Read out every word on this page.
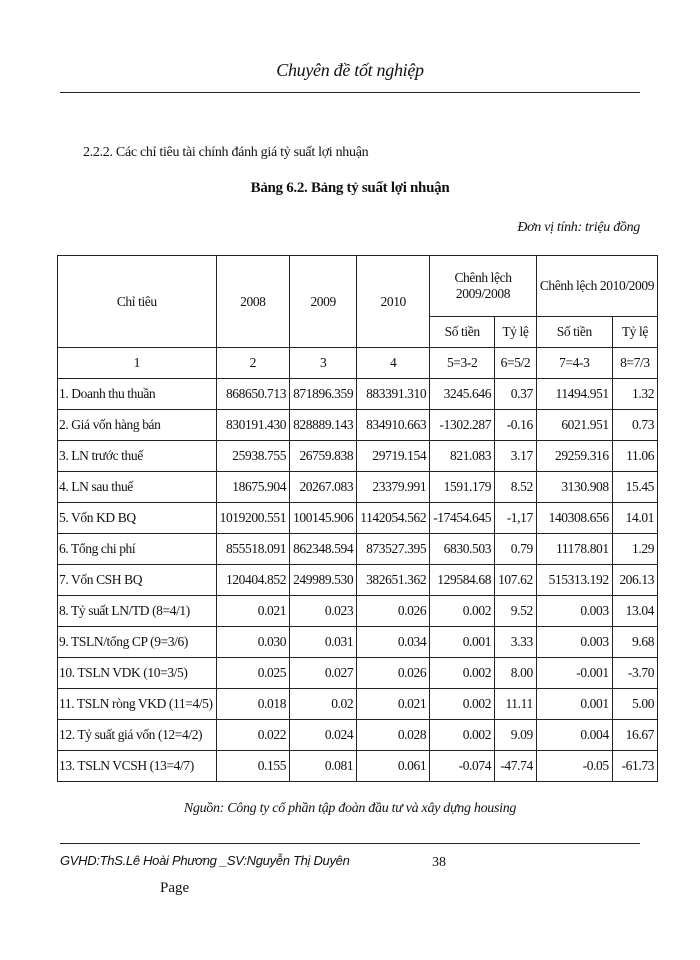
Chuyên đề tốt nghiệp
2.2.2. Các chỉ tiêu tài chính đánh giá tỷ suất lợi nhuận
Bảng 6.2. Bảng tỷ suất lợi nhuận
Đơn vị tính: triệu đồng
Chỉ tiêu	2008	2009	2010	Chênh lệch 2009/2008		Chênh lệch 2010/2009	
				Số tiền	Tỷ lệ	Số tiền	Tỷ lệ
1	2	3	4	5=3-2	6=5/2	7=4-3	8=7/3
1. Doanh thu thuần	868650.713	871896.359	883391.310	3245.646	0.37	11494.951	1.32
2. Giá vốn hàng bán	830191.430	828889.143	834910.663	-1302.287	-0.16	6021.951	0.73
3. LN trước thuế	25938.755	26759.838	29719.154	821.083	3.17	29259.316	11.06
4. LN sau thuế	18675.904	20267.083	23379.991	1591.179	8.52	3130.908	15.45
5. Vốn KD BQ	1019200.551	100145.906	1142054.562	-17454.645	-1,17	140308.656	14.01
6. Tổng chi phí	855518.091	862348.594	873527.395	6830.503	0.79	11178.801	1.29
7. Vốn CSH BQ	120404.852	249989.530	382651.362	129584.68	107.62	515313.192	206.13
8. Tỷ suất LN/TD (8=4/1)	0.021	0.023	0.026	0.002	9.52	0.003	13.04
9. TSLN/tổng CP (9=3/6)	0.030	0.031	0.034	0.001	3.33	0.003	9.68
10. TSLN VDK (10=3/5)	0.025	0.027	0.026	0.002	8.00	-0.001	-3.70
11. TSLN ròng VKD (11=4/5)	0.018	0.02	0.021	0.002	11.11	0.001	5.00
12. Tỷ suất giá vốn (12=4/2)	0.022	0.024	0.028	0.002	9.09	0.004	16.67
13. TSLN VCSH (13=4/7)	0.155	0.081	0.061	-0.074	-47.74	-0.05	-61.73
Nguồn: Công ty cổ phần tập đoàn đầu tư và xây dựng housing
GVHD:ThS.Lê Hoài Phương _SV:Nguyễn Thị Duyên	38
Page
